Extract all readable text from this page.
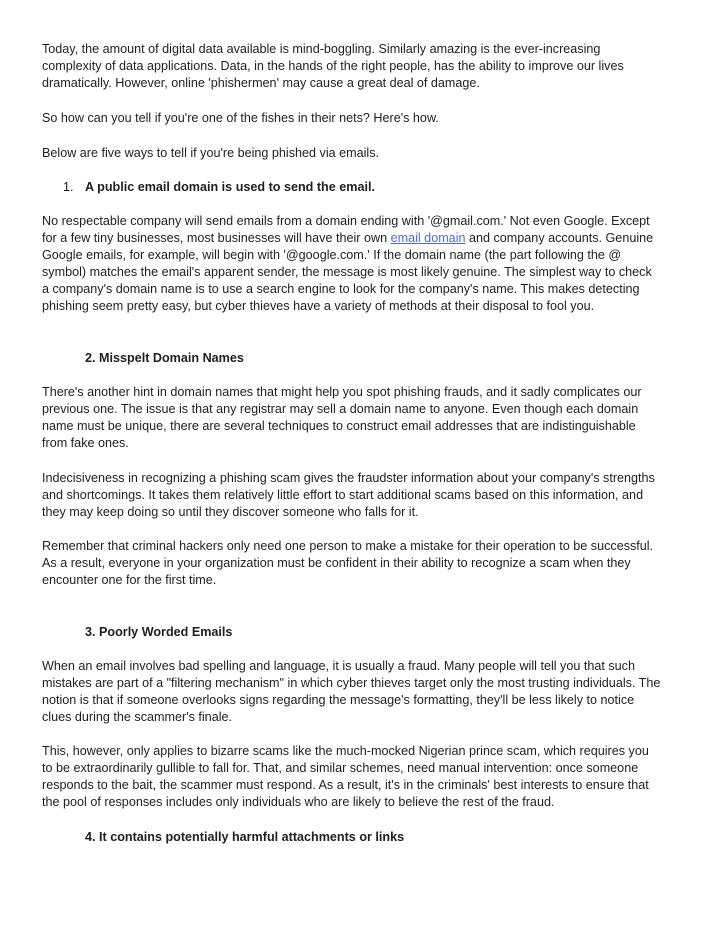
Today, the amount of digital data available is mind-boggling. Similarly amazing is the ever-increasing
complexity of data applications. Data, in the hands of the right people, has the ability to improve our lives
dramatically. However, online 'phishermen' may cause a great deal of damage.
So how can you tell if you're one of the fishes in their nets? Here's how.
Below are five ways to tell if you're being phished via emails.
1. A public email domain is used to send the email.
No respectable company will send emails from a domain ending with '@gmail.com.' Not even Google. Except
for a few tiny businesses, most businesses will have their own email domain and company accounts. Genuine
Google emails, for example, will begin with '@google.com.' If the domain name (the part following the @
symbol) matches the email's apparent sender, the message is most likely genuine. The simplest way to check
a company's domain name is to use a search engine to look for the company's name. This makes detecting
phishing seem pretty easy, but cyber thieves have a variety of methods at their disposal to fool you.
2. Misspelt Domain Names
There's another hint in domain names that might help you spot phishing frauds, and it sadly complicates our
previous one. The issue is that any registrar may sell a domain name to anyone. Even though each domain
name must be unique, there are several techniques to construct email addresses that are indistinguishable
from fake ones.
Indecisiveness in recognizing a phishing scam gives the fraudster information about your company's strengths
and shortcomings. It takes them relatively little effort to start additional scams based on this information, and
they may keep doing so until they discover someone who falls for it.
Remember that criminal hackers only need one person to make a mistake for their operation to be successful.
As a result, everyone in your organization must be confident in their ability to recognize a scam when they
encounter one for the first time.
3. Poorly Worded Emails
When an email involves bad spelling and language, it is usually a fraud. Many people will tell you that such
mistakes are part of a "filtering mechanism" in which cyber thieves target only the most trusting individuals. The
notion is that if someone overlooks signs regarding the message's formatting, they'll be less likely to notice
clues during the scammer's finale.
This, however, only applies to bizarre scams like the much-mocked Nigerian prince scam, which requires you
to be extraordinarily gullible to fall for. That, and similar schemes, need manual intervention: once someone
responds to the bait, the scammer must respond. As a result, it's in the criminals' best interests to ensure that
the pool of responses includes only individuals who are likely to believe the rest of the fraud.
4. It contains potentially harmful attachments or links
